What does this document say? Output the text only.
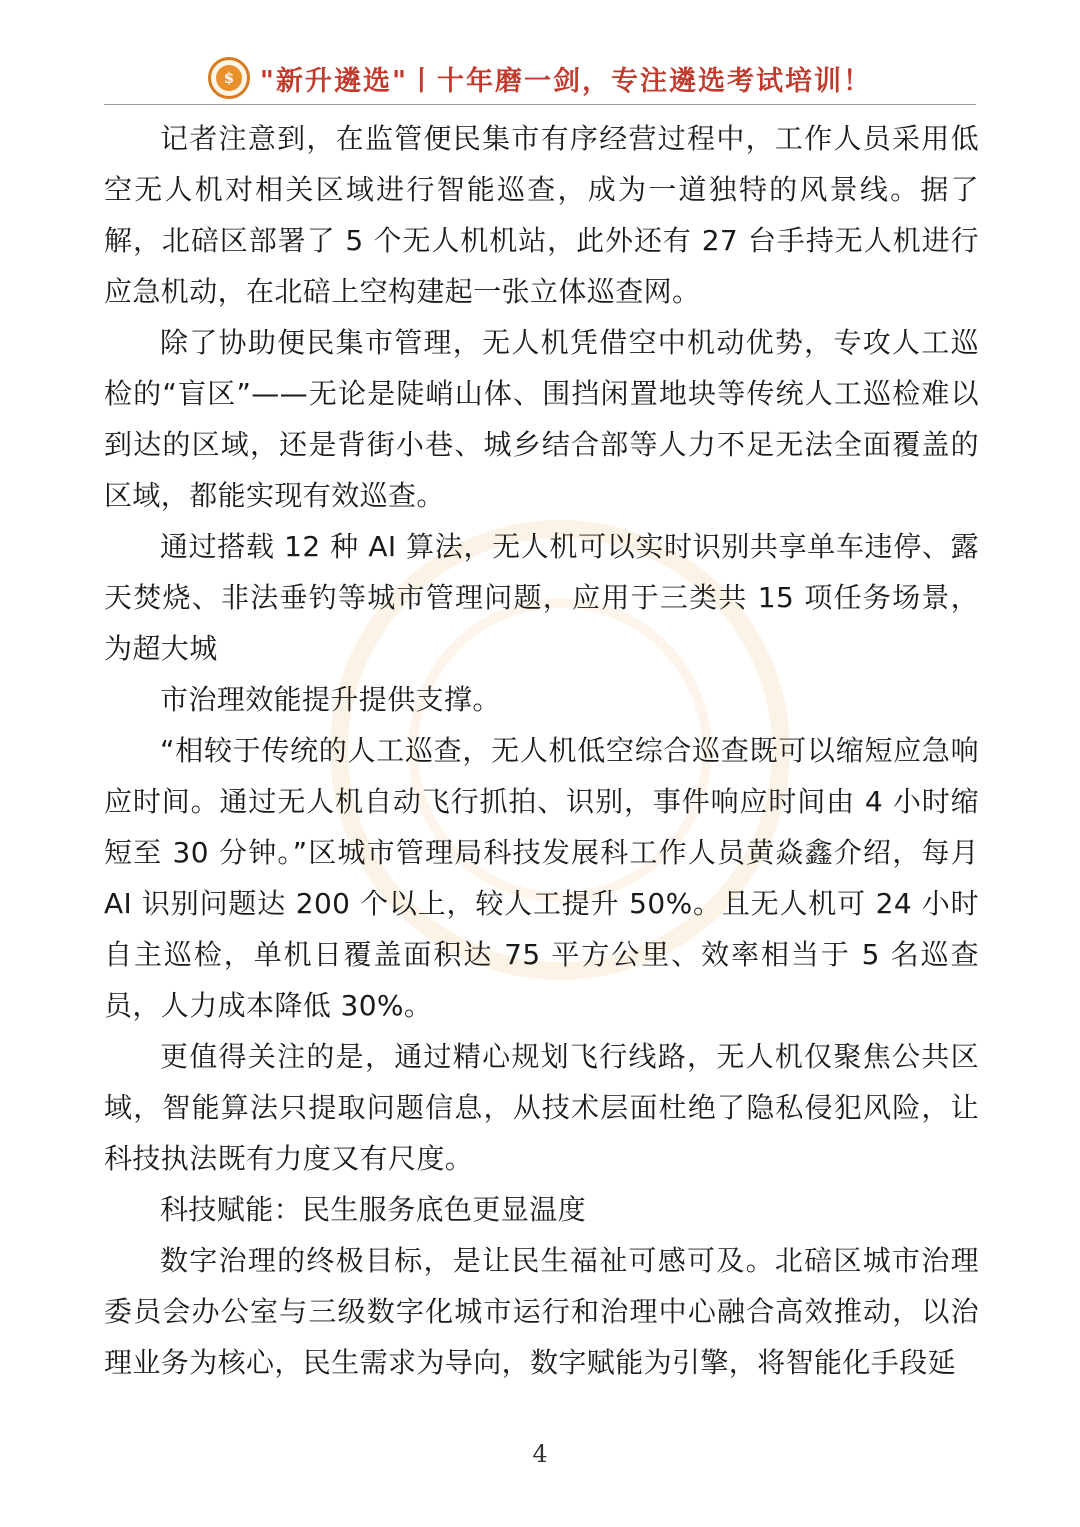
$ "新升遴选"丨十年磨一剑，专注遴选考试培训！

记者注意到，在监管便民集市有序经营过程中，工作人员采用低空无人机对相关区域进行智能巡查，成为一道独特的风景线。据了解，北碚区部署了 5 个无人机机站，此外还有 27 台手持无人机进行应急机动，在北碚上空构建起一张立体巡查网。

除了协助便民集市管理，无人机凭借空中机动优势，专攻人工巡检的“盲区”——无论是陡峭山体、围挡闲置地块等传统人工巡检难以到达的区域，还是背街小巷、城乡结合部等人力不足无法全面覆盖的区域，都能实现有效巡查。

通过搭载 12 种 AI 算法，无人机可以实时识别共享单车违停、露天焚烧、非法垂钓等城市管理问题，应用于三类共 15 项任务场景，为超大城

市治理效能提升提供支撑。

“相较于传统的人工巡查，无人机低空综合巡查既可以缩短应急响应时间。通过无人机自动飞行抓拍、识别，事件响应时间由 4 小时缩短至 30 分钟。”区城市管理局科技发展科工作人员黄焱鑫介绍，每月 AI 识别问题达 200 个以上，较人工提升 50%。且无人机可 24 小时自主巡检，单机日覆盖面积达 75 平方公里、效率相当于 5 名巡查员，人力成本降低 30%。

更值得关注的是，通过精心规划飞行线路，无人机仅聚焦公共区域，智能算法只提取问题信息，从技术层面杜绝了隐私侵犯风险，让科技执法既有力度又有尺度。

科技赋能：民生服务底色更显温度

数字治理的终极目标，是让民生福祉可感可及。北碚区城市治理委员会办公室与三级数字化城市运行和治理中心融合高效推动，以治理业务为核心，民生需求为导向，数字赋能为引擎，将智能化手段延

4
